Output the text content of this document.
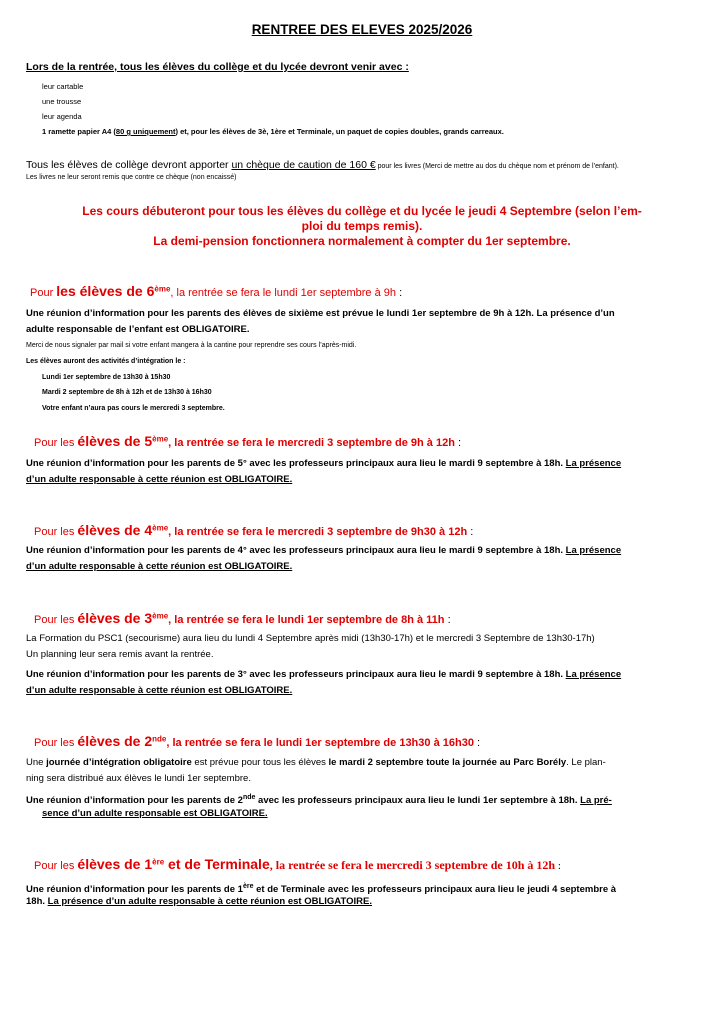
RENTREE DES ELEVES 2025/2026
Lors de la rentrée, tous les élèves du collège et du lycée devront venir avec :
leur cartable
une trousse
leur agenda
1 ramette papier A4 (80 g uniquement) et, pour les élèves de 3è, 1ère et Terminale, un paquet de copies doubles, grands carreaux.
Tous les élèves de collège devront apporter un chèque de caution de 160 € pour les livres (Merci de mettre au dos du chèque nom et prénom de l’enfant).
Les livres ne leur seront remis que contre ce chèque (non encaissé)
Les cours débuteront pour tous les élèves du collège et du lycée le jeudi 4 Septembre (selon l’em-
ploi du temps remis).
La demi-pension fonctionnera normalement à compter du 1er septembre.
Pour les élèves de 6ème, la rentrée se fera le lundi 1er septembre à 9h :
Une réunion d’information pour les parents des élèves de sixième est prévue le lundi 1er septembre de 9h à 12h. La présence d’un
adulte responsable de l’enfant est OBLIGATOIRE.
Merci de nous signaler par mail si votre enfant mangera à la cantine pour reprendre ses cours l’après-midi.
Les élèves auront des activités d’intégration le :
Lundi 1er septembre de 13h30 à 15h30
Mardi 2 septembre de 8h à 12h et de 13h30 à 16h30
Votre enfant n’aura pas cours le mercredi 3 septembre.
Pour les élèves de 5ème, la rentrée se fera le mercredi 3 septembre de 9h à 12h :
Une réunion d’information pour les parents de 5° avec les professeurs principaux aura lieu le mardi 9 septembre à 18h. La présence
d’un adulte responsable à cette réunion est OBLIGATOIRE.
Pour les élèves de 4ème, la rentrée se fera le mercredi 3 septembre de 9h30 à 12h :
Une réunion d’information pour les parents de 4° avec les professeurs principaux aura lieu le mardi 9 septembre à 18h. La présence
d’un adulte responsable à cette réunion est OBLIGATOIRE.
Pour les élèves de 3ème, la rentrée se fera le lundi 1er septembre de 8h à 11h :
La Formation du PSC1 (secourisme) aura lieu du lundi 4 Septembre après midi (13h30-17h) et le mercredi 3 Septembre de 13h30-17h)
Un planning leur sera remis avant la rentrée.
Une réunion d’information pour les parents de 3° avec les professeurs principaux aura lieu le mardi 9 septembre à 18h. La présence
d’un adulte responsable à cette réunion est OBLIGATOIRE.
Pour les élèves de 2nde, la rentrée se fera le lundi 1er septembre de 13h30 à 16h30 :
Une journée d’intégration obligatoire est prévue pour tous les élèves le mardi 2 septembre toute la journée au Parc Borély. Le plan-
ning sera distribué aux élèves le lundi 1er septembre.
Une réunion d’information pour les parents de 2nde avec les professeurs principaux aura lieu le lundi 1er septembre à 18h. La pré-
sence d’un adulte responsable est OBLIGATOIRE.
Pour les élèves de 1ère et de Terminale, la rentrée se fera le mercredi 3 septembre de 10h à 12h :
Une réunion d’information pour les parents de 1ère et de Terminale avec les professeurs principaux aura lieu le jeudi 4 septembre à
18h. La présence d’un adulte responsable à cette réunion est OBLIGATOIRE.
